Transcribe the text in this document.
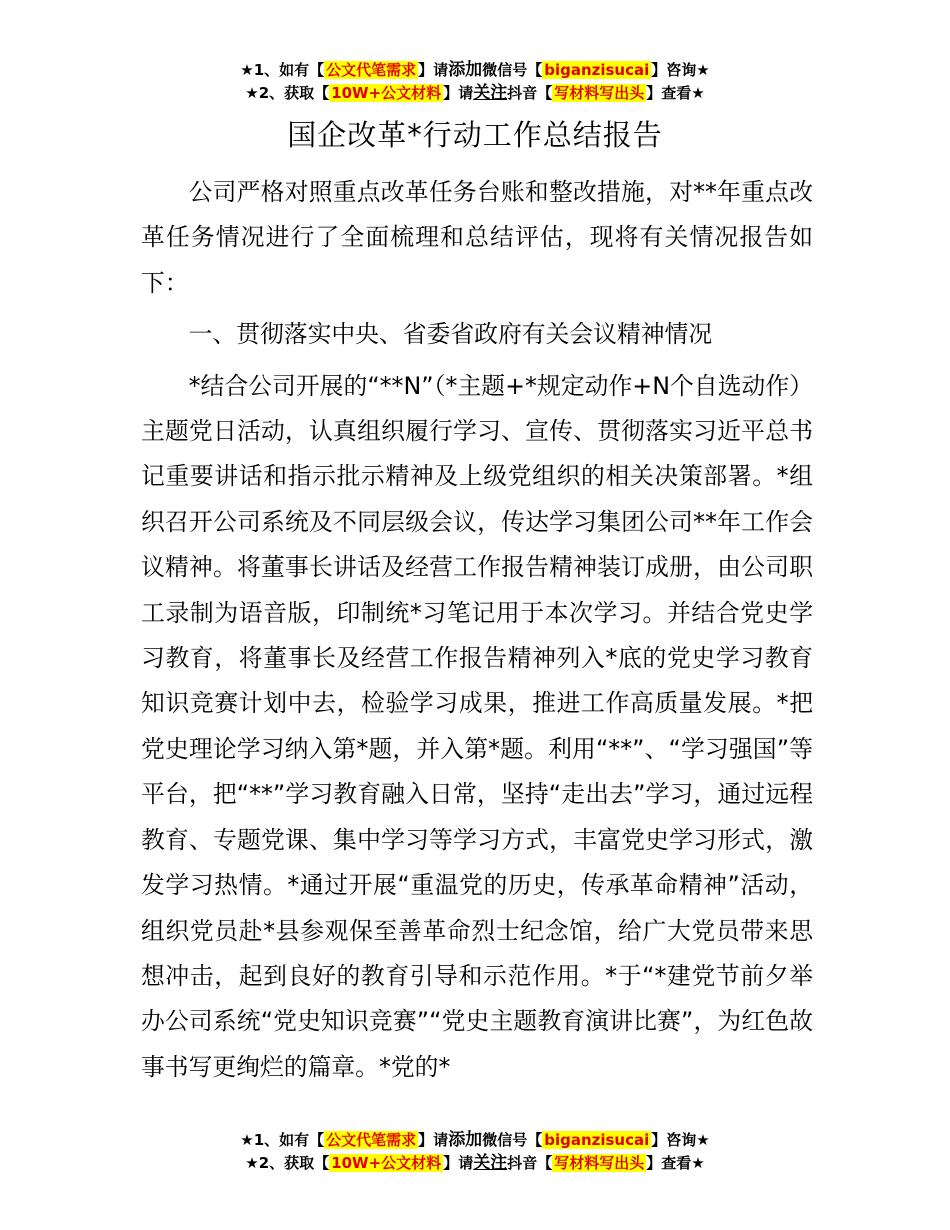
★1、如有【 公文代笔需求 】请添加微信号【 biganzisucai 】咨询★
★2、获取【 10W+公文材料 】请关注抖音【 写材料写出头 】查看★
国企改革*行动工作总结报告

公司严格对照重点改革任务台账和整改措施，对**年重点改革任务情况进行了全面梳理和总结评估，现将有关情况报告如下：

一、贯彻落实中央、省委省政府有关会议精神情况

*结合公司开展的“**N”（*主题+*规定动作+N个自选动作）主题党日活动，认真组织履行学习、宣传、贯彻落实习近平总书记重要讲话和指示批示精神及上级党组织的相关决策部署。*组织召开公司系统及不同层级会议，传达学习集团公司**年工作会议精神。将董事长讲话及经营工作报告精神装订成册，由公司职工录制为语音版，印制统*习笔记用于本次学习。并结合党史学习教育，将董事长及经营工作报告精神列入*底的党史学习教育知识竞赛计划中去，检验学习成果，推进工作高质量发展。*把党史理论学习纳入第*题，并入第*题。利用“**”、“学习强国”等平台，把“**”学习教育融入日常，坚持“走出去”学习，通过远程教育、专题党课、集中学习等学习方式，丰富党史学习形式，激发学习热情。*通过开展“重温党的历史，传承革命精神”活动，组织党员赴*县参观保至善革命烈士纪念馆，给广大党员带来思想冲击，起到良好的教育引导和示范作用。*于“*建党节前夕举办公司系统“党史知识竞赛”“党史主题教育演讲比赛”，为红色故事书写更绚烂的篇章。*党的*

★1、如有【 公文代笔需求 】请添加微信号【 biganzisucai 】咨询★
★2、获取【 10W+公文材料 】请关注抖音【 写材料写出头 】查看★
